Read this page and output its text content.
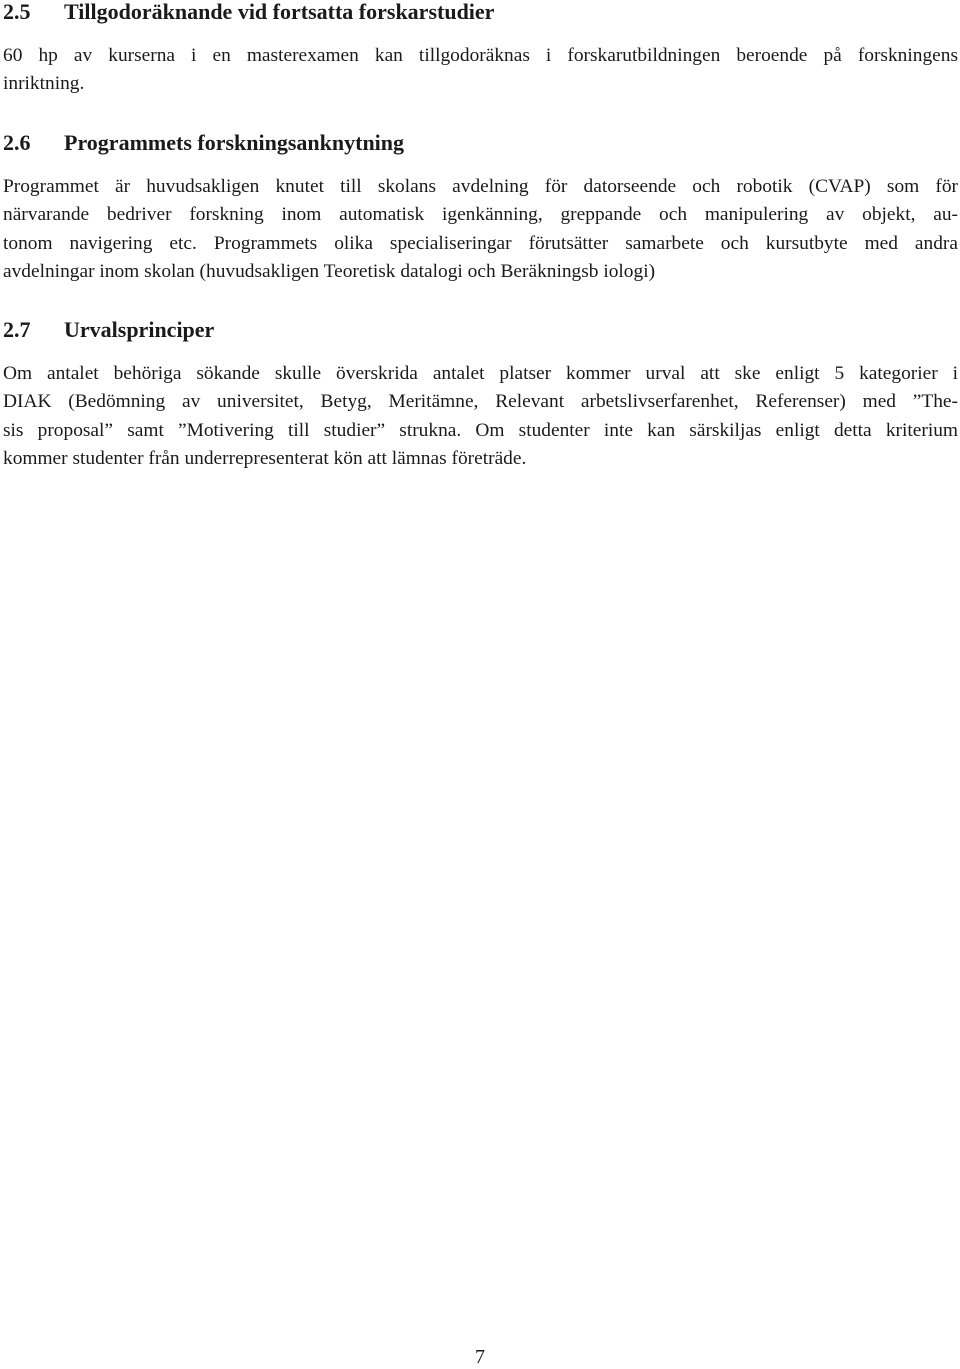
2.5 Tillgodoräknande vid fortsatta forskarstudier
60 hp av kurserna i en masterexamen kan tillgodoräknas i forskarutbildningen beroende på forskningens
inriktning.
2.6 Programmets forskningsanknytning
Programmet är huvudsakligen knutet till skolans avdelning för datorseende och robotik (CVAP) som för
närvarande bedriver forskning inom automatisk igenkänning, greppande och manipulering av objekt, au-
tonom navigering etc. Programmets olika specialiseringar förutsätter samarbete och kursutbyte med andra
avdelningar inom skolan (huvudsakligen Teoretisk datalogi och Beräkningsb iologi)
2.7 Urvalsprinciper
Om antalet behöriga sökande skulle överskrida antalet platser kommer urval att ske enligt 5 kategorier i
DIAK (Bedömning av universitet, Betyg, Meritämne, Relevant arbetslivserfarenhet, Referenser) med ”The-
sis proposal” samt ”Motivering till studier” strukna. Om studenter inte kan särskiljas enligt detta kriterium
kommer studenter från underrepresenterat kön att lämnas företräde.
7
